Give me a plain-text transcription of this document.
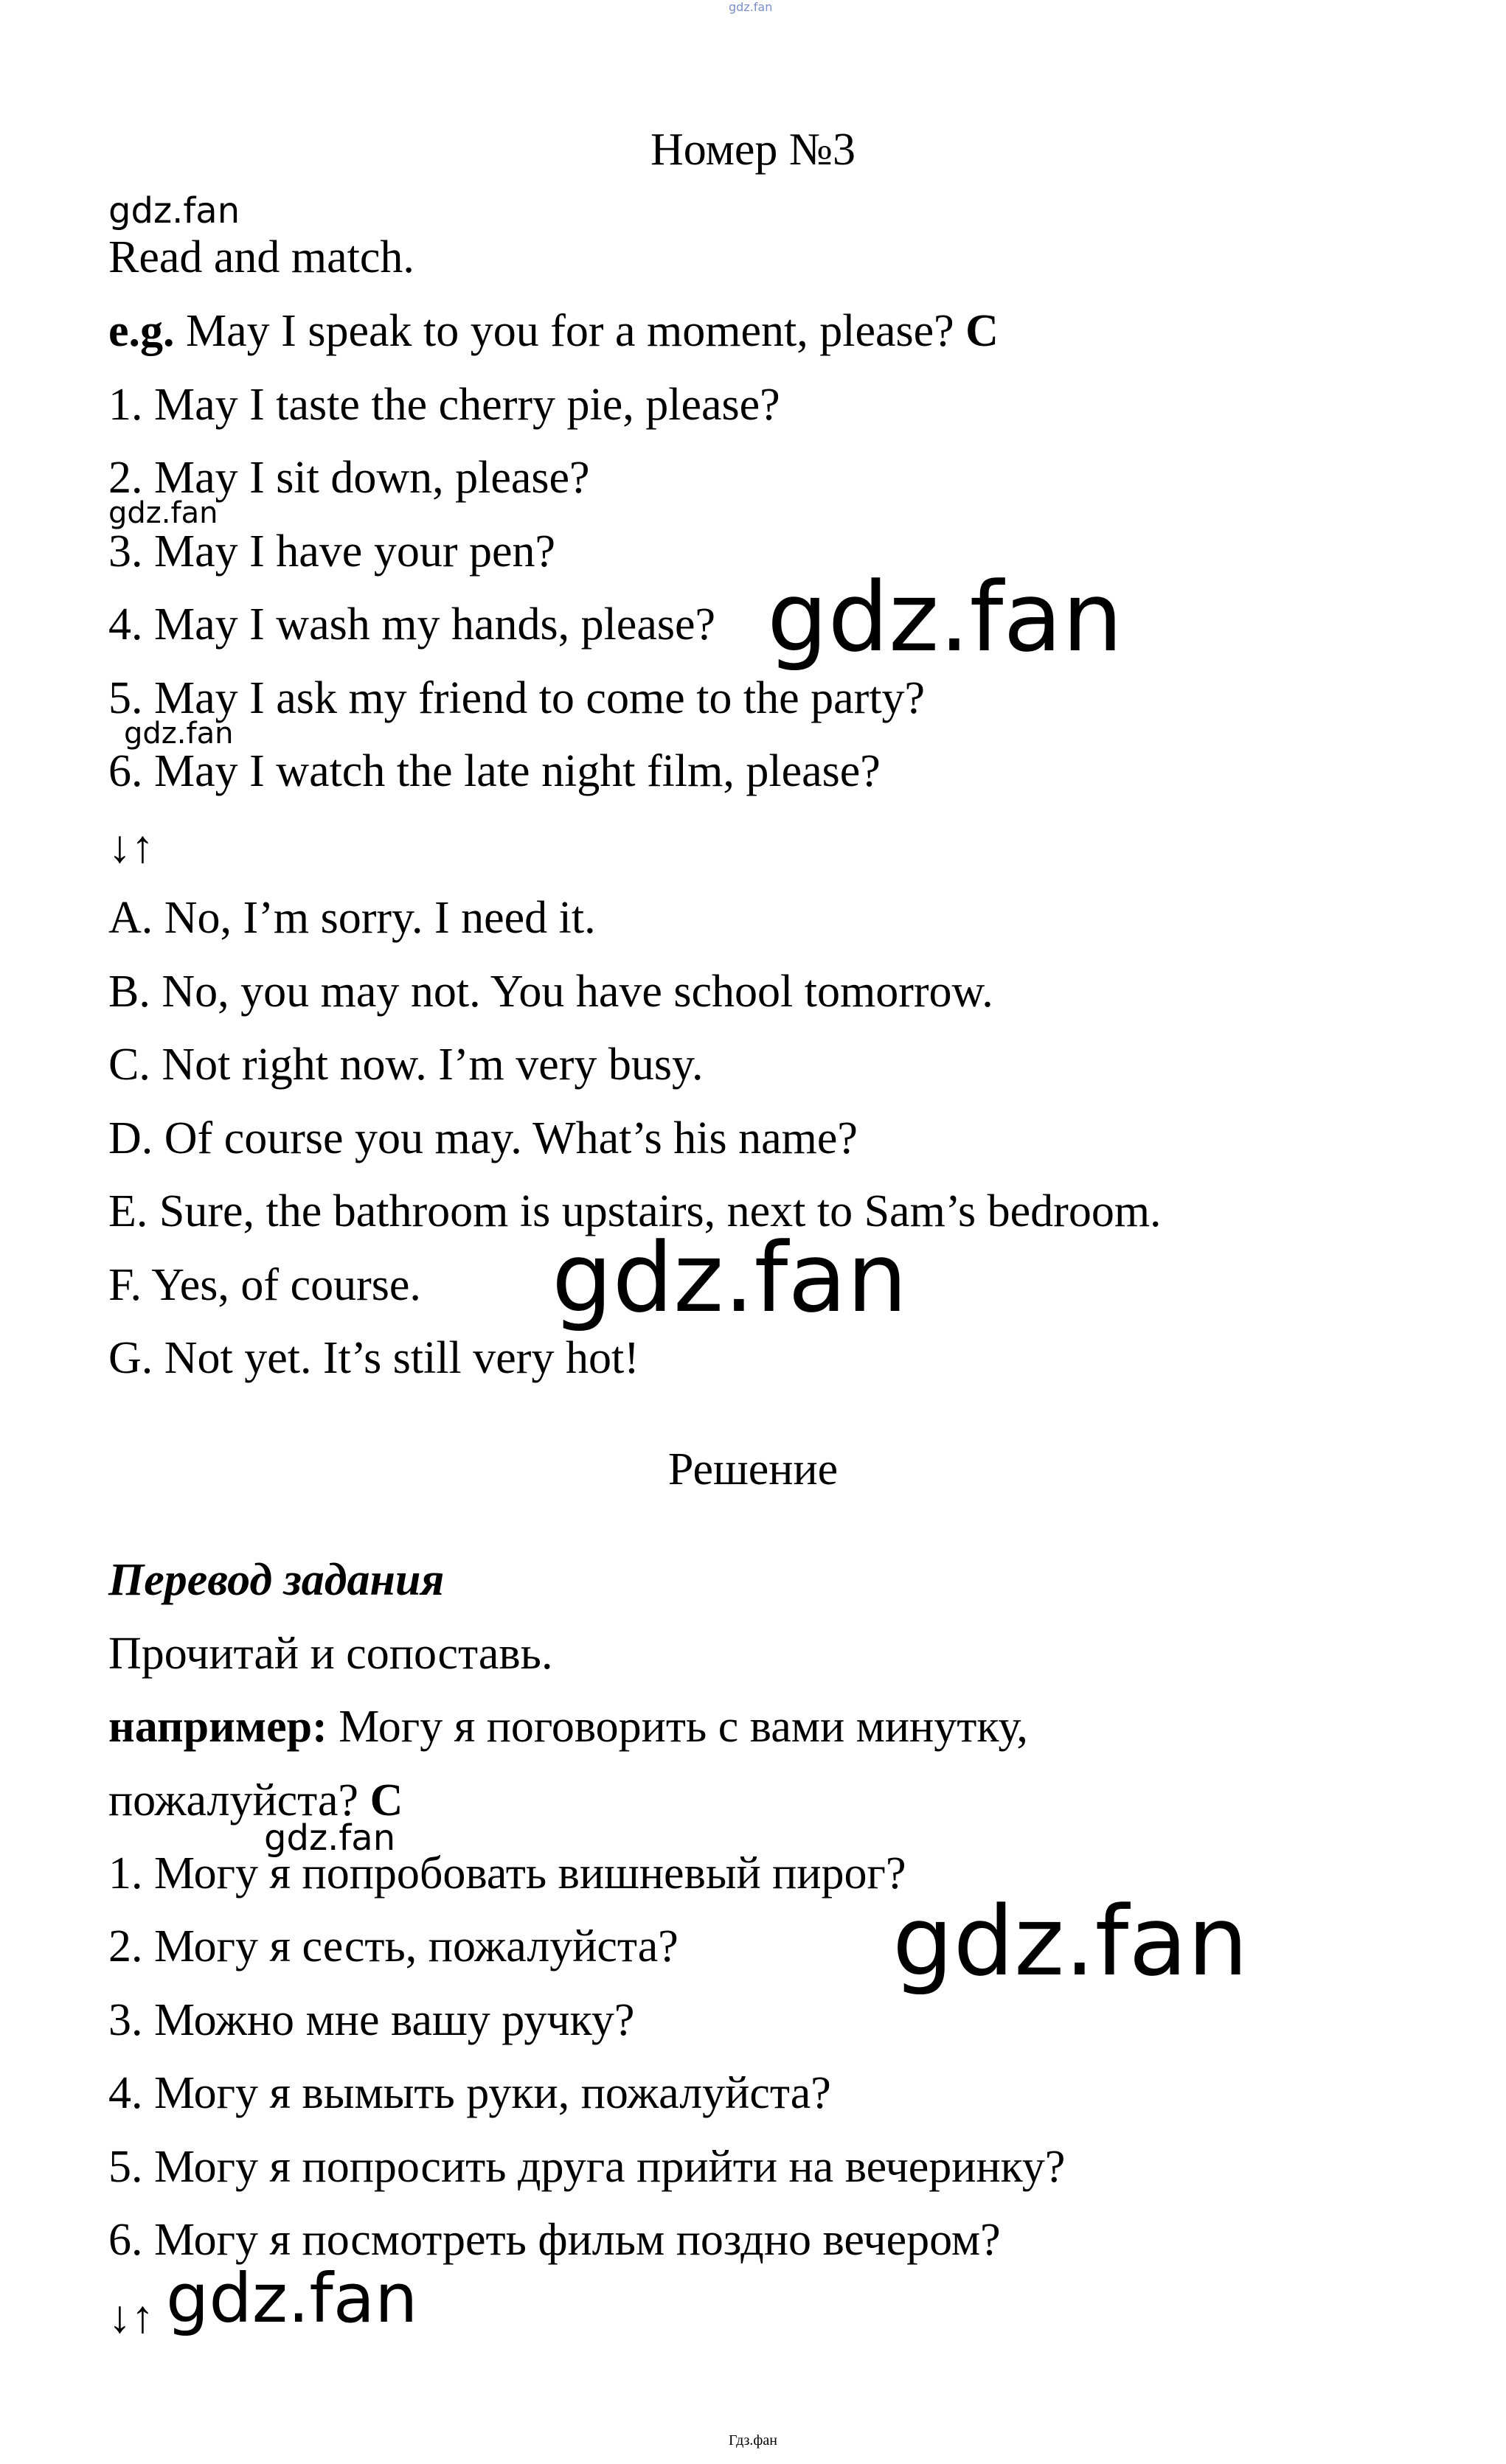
gdz.fan
Номер №3
gdz.fan
Read and match.
e.g. May I speak to you for a moment, please? C
1. May I taste the cherry pie, please?
2. May I sit down, please?
gdz.fan
3. May I have your pen?
4. May I wash my hands, please? gdz.fan
5. May I ask my friend to come to the party?
gdz.fan
6. May I watch the late night film, please?
↓↑
A. No, I’m sorry. I need it.
B. No, you may not. You have school tomorrow.
C. Not right now. I’m very busy.
D. Of course you may. What’s his name?
E. Sure, the bathroom is upstairs, next to Sam’s bedroom.
F. Yes, of course. gdz.fan
G. Not yet. It’s still very hot!
Решение
Перевод задания
Прочитай и сопоставь.
например: Могу я поговорить с вами минутку,
пожалуйста? C
gdz.fan
1. Могу я попробовать вишневый пирог?
2. Могу я сесть, пожалуйста? gdz.fan
3. Можно мне вашу ручку?
4. Могу я вымыть руки, пожалуйста?
5. Могу я попросить друга прийти на вечеринку?
6. Могу я посмотреть фильм поздно вечером?
↓↑ gdz.fan
Гдз.фан
